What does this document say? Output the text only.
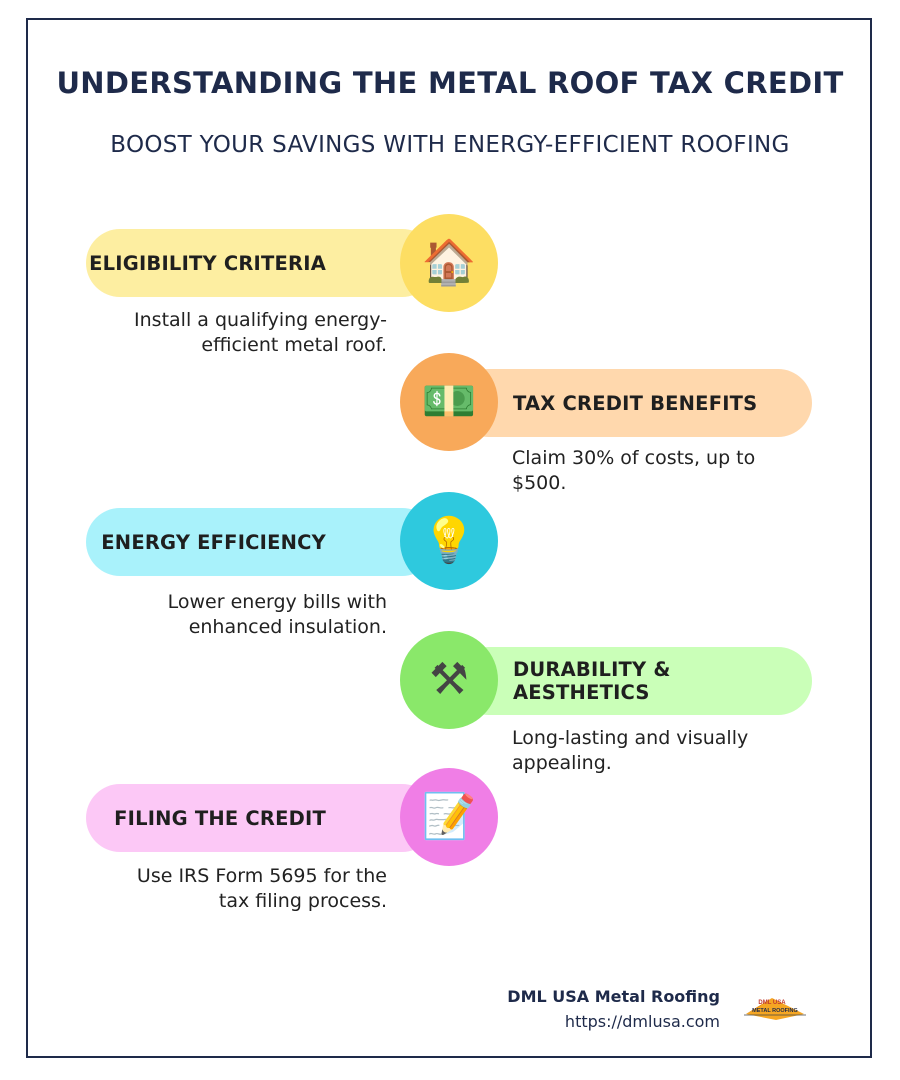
UNDERSTANDING THE METAL ROOF TAX CREDIT
BOOST YOUR SAVINGS WITH ENERGY-EFFICIENT ROOFING
ELIGIBILITY CRITERIA 🏠
Install a qualifying energy-
efficient metal roof.
TAX CREDIT BENEFITS
💵
Claim 30% of costs, up to
$500.
ENERGY EFFICIENCY 💡
Lower energy bills with
enhanced insulation.
DURABILITY & AESTHETICS
⚒
Long-lasting and visually
appealing.
FILING THE CREDIT 📝
Use IRS Form 5695 for the
tax filing process.
DML USA Metal Roofing
https://dmlusa.com
DML USA
METAL ROOFING
